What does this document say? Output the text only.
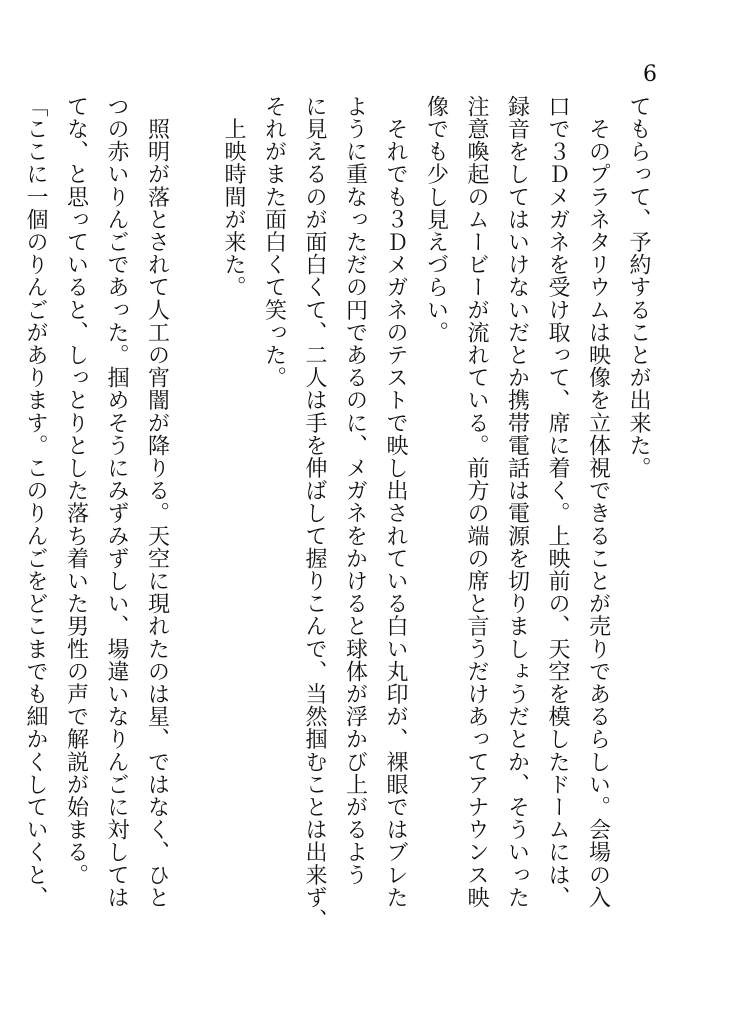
6

てもらって、予約することが出来た。

　そのプラネタリウムは映像を立体視できることが売りであるらしい。会場の入

口で３Ｄメガネを受け取って、席に着く。上映前の、天空を模したドームには、

録音をしてはいけないだとか携帯電話は電源を切りましょうだとか、そういった

注意喚起のムービーが流れている。前方の端の席と言うだけあってアナウンス映

像でも少し見えづらい。

　それでも３Ｄメガネのテストで映し出されている白い丸印が、裸眼ではブレた

ように重なっただの円であるのに、メガネをかけると球体が浮かび上がるよう

に見えるのが面白くて、二人は手を伸ばして握りこんで、当然掴むことは出来ず、

それがまた面白くて笑った。

　上映時間が来た。

　照明が落とされて人工の宵闇が降りる。天空に現れたのは星、ではなく、ひと

つの赤いりんごであった。掴めそうにみずみずしい、場違いなりんごに対しては

てな、と思っていると、しっとりとした落ち着いた男性の声で解説が始まる。

「ここに一個のりんごがあります。このりんごをどこまでも細かくしていくと、
